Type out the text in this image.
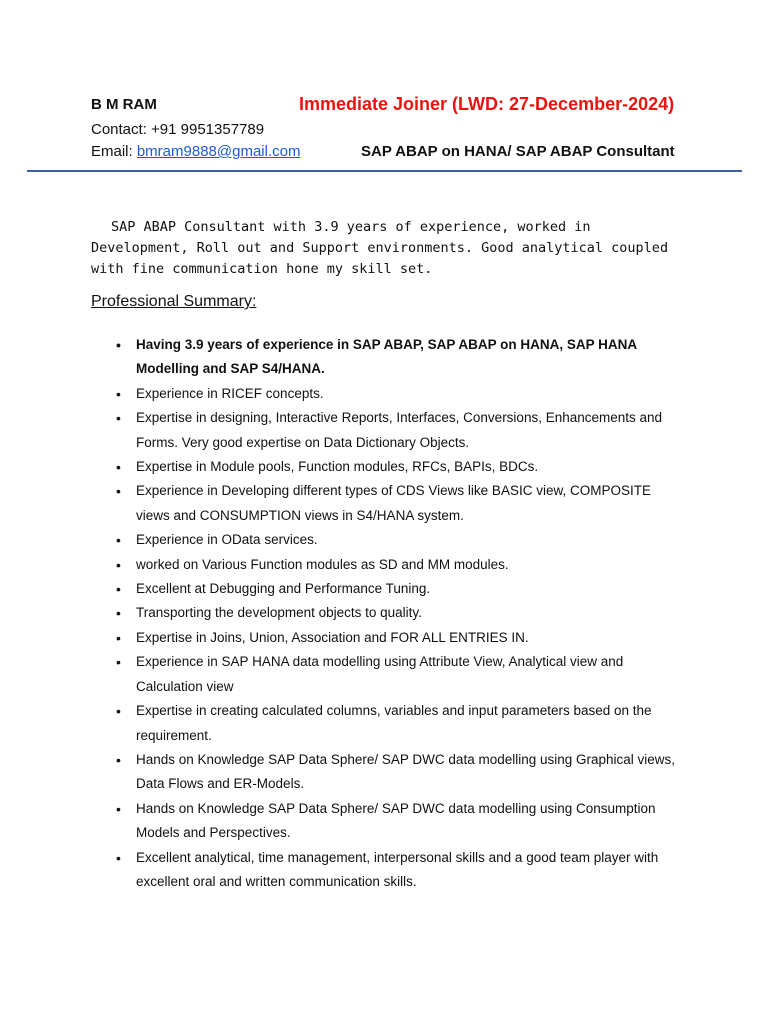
B M RAM	Immediate Joiner (LWD: 27-December-2024)
Contact: +91 9951357789
Email: bmram9888@gmail.com	SAP ABAP on HANA/ SAP ABAP Consultant

SAP ABAP Consultant with 3.9 years of experience, worked in Development, Roll out and Support environments. Good analytical coupled with fine communication hone my skill set.

Professional Summary:
• Having 3.9 years of experience in SAP ABAP, SAP ABAP on HANA, SAP HANA Modelling and SAP S4/HANA.
• Experience in RICEF concepts.
• Expertise in designing, Interactive Reports, Interfaces, Conversions, Enhancements and Forms. Very good expertise on Data Dictionary Objects.
• Expertise in Module pools, Function modules, RFCs, BAPIs, BDCs.
• Experience in Developing different types of CDS Views like BASIC view, COMPOSITE views and CONSUMPTION views in S4/HANA system.
• Experience in OData services.
• worked on Various Function modules as SD and MM modules.
• Excellent at Debugging and Performance Tuning.
• Transporting the development objects to quality.
• Expertise in Joins, Union, Association and FOR ALL ENTRIES IN.
• Experience in SAP HANA data modelling using Attribute View, Analytical view and Calculation view
• Expertise in creating calculated columns, variables and input parameters based on the requirement.
• Hands on Knowledge SAP Data Sphere/ SAP DWC data modelling using Graphical views, Data Flows and ER-Models.
• Hands on Knowledge SAP Data Sphere/ SAP DWC data modelling using Consumption Models and Perspectives.
• Excellent analytical, time management, interpersonal skills and a good team player with excellent oral and written communication skills.
